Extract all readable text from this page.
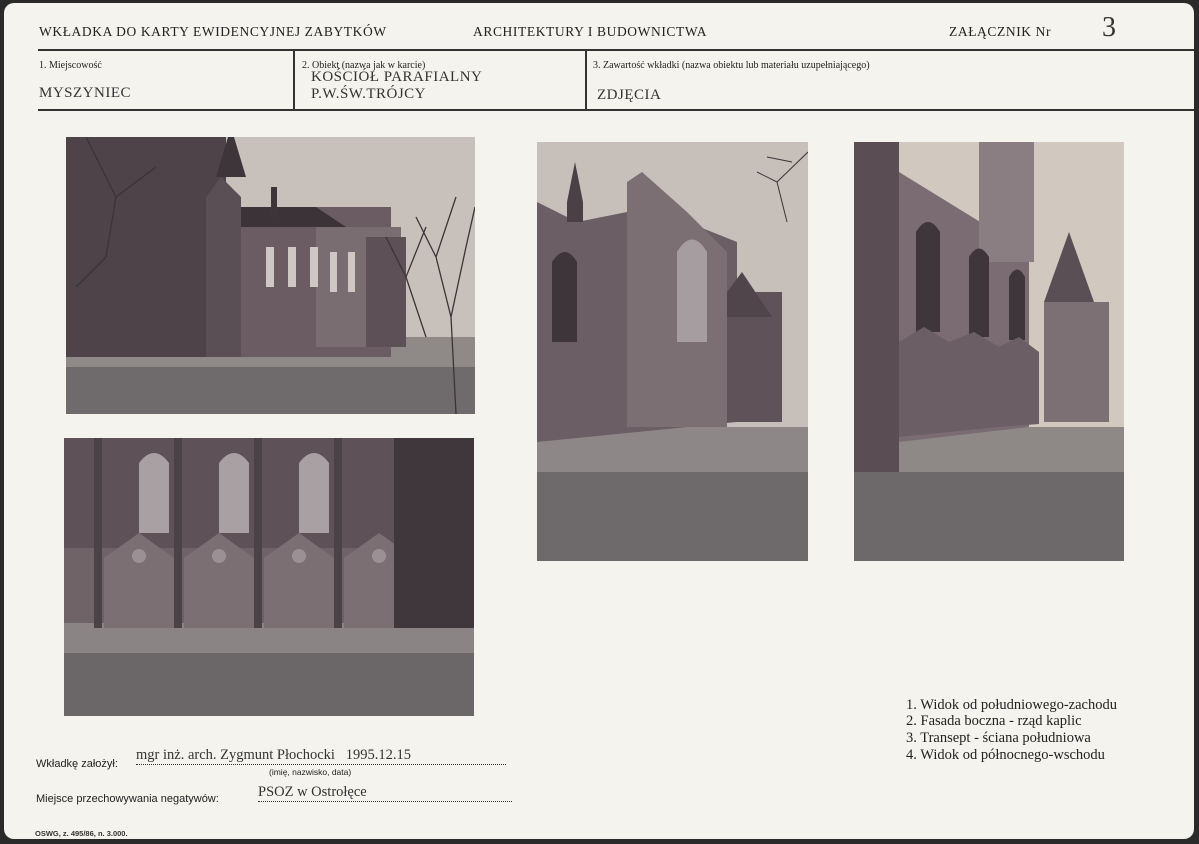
WKŁADKA DO KARTY EWIDENCYJNEJ ZABYTKÓW	ARCHITEKTURY I BUDOWNICTWA	ZAŁĄCZNIK Nr 3
1. Miejscowość
MYSZYNIEC
2. Obiekt (nazwa jak w karcie)
KOŚCIÓŁ PARAFIALNY
P.W.ŚW.TRÓJCY
3. Zawartość wkładki (nazwa obiektu lub materiału uzupełniającego)
ZDJĘCIA
1. Widok od południowego-zachodu
2. Fasada boczna - rząd kaplic
3. Transept - ściana południowa
4. Widok od północnego-wschodu
Wkładkę założył:
mgr inż. arch. Zygmunt Płochocki   1995.12.15
(imię, nazwisko, data)
Miejsce przechowywania negatywów:	PSOZ w Ostrołęce
OSWG, z. 495/86, n. 3.000.
